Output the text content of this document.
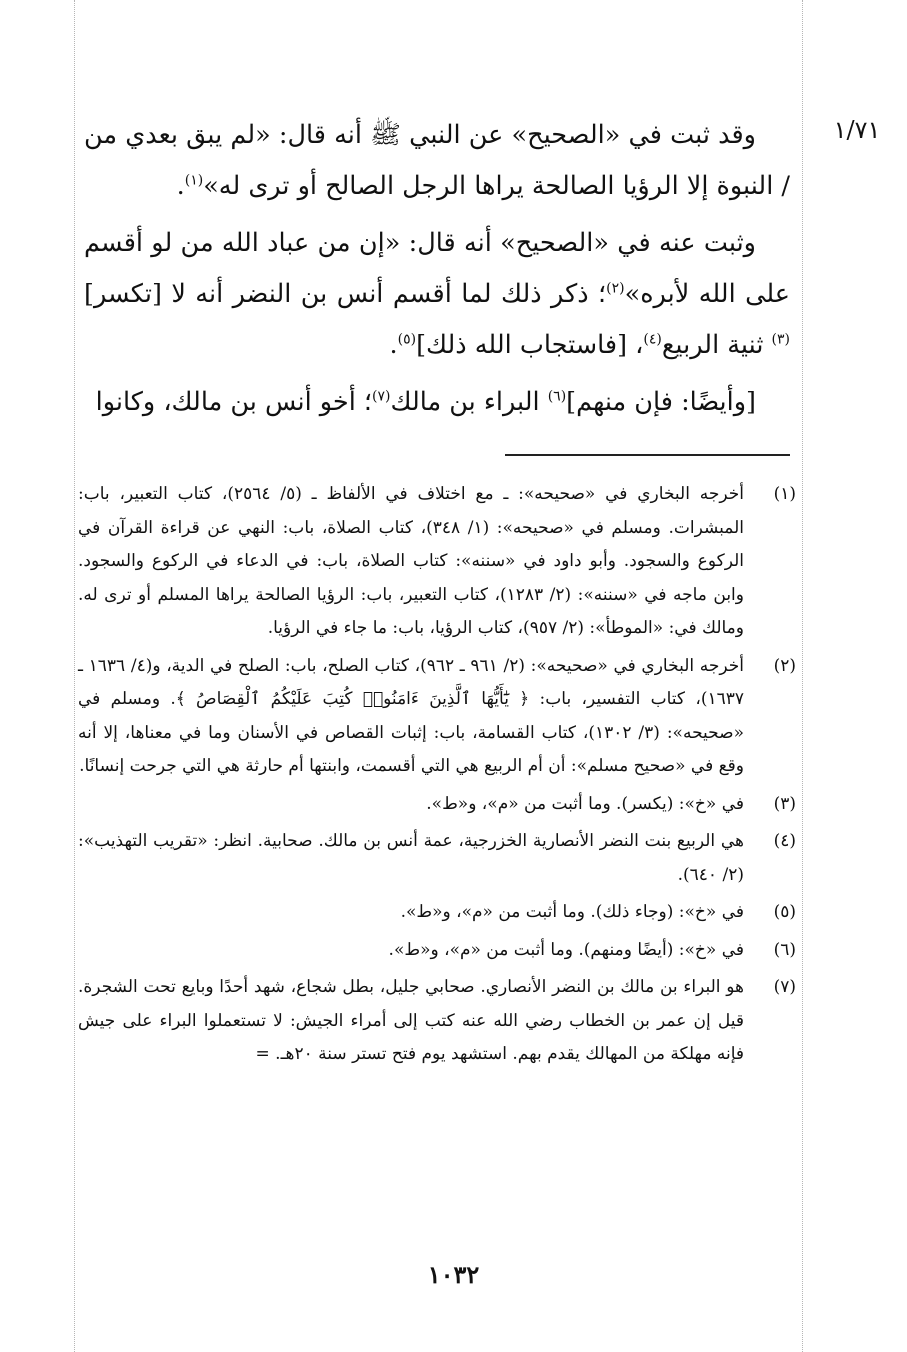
١/٧١

وقد ثبت في «الصحيح» عن النبي ﷺ أنه قال: «لم يبق بعدي من / النبوة إلا الرؤيا الصالحة يراها الرجل الصالح أو ترى له»$^{(١)}$.

وثبت عنه في «الصحيح» أنه قال: «إن من عباد الله من لو أقسم على الله لأبره»$^{(٢)}$؛ ذكر ذلك لما أقسم أنس بن النضر أنه لا [تكسر]$^{(٣)}$ ثنية الربيع$^{(٤)}$، [فاستجاب الله ذلك]$^{(٥)}$.

[وأيضًا: فإن منهم]$^{(٦)}$ البراء بن مالك$^{(٧)}$؛ أخو أنس بن مالك، وكانوا

(١)
أخرجه البخاري في «صحيحه»: ـ مع اختلاف في الألفاظ ـ (٥/ ٢٥٦٤)، كتاب التعبير، باب: المبشرات. ومسلم في «صحيحه»: (١/ ٣٤٨)، كتاب الصلاة، باب: النهي عن قراءة القرآن في الركوع والسجود. وأبو داود في «سننه»: كتاب الصلاة، باب: في الدعاء في الركوع والسجود. وابن ماجه في «سننه»: (٢/ ١٢٨٣)، كتاب التعبير، باب: الرؤيا الصالحة يراها المسلم أو ترى له. ومالك في: «الموطأ»: (٢/ ٩٥٧)، كتاب الرؤيا، باب: ما جاء في الرؤيا.
(٢)
أخرجه البخاري في «صحيحه»: (٢/ ٩٦١ ـ ٩٦٢)، كتاب الصلح، باب: الصلح في الدية، و(٤/ ١٦٣٦ ـ ١٦٣٧)، كتاب التفسير، باب: ﴿ يَٰٓأَيُّهَا ٱلَّذِينَ ءَامَنُوا۟ كُتِبَ عَلَيْكُمُ ٱلْقِصَاصُ ﴾. ومسلم في «صحيحه»: (٣/ ١٣٠٢)، كتاب القسامة، باب: إثبات القصاص في الأسنان وما في معناها، إلا أنه وقع في «صحيح مسلم»: أن أم الربيع هي التي أقسمت، وابنتها أم حارثة هي التي جرحت إنسانًا.
(٣)
في «خ»: (يكسر). وما أثبت من «م»، و«ط».
(٤)
هي الربيع بنت النضر الأنصارية الخزرجية، عمة أنس بن مالك. صحابية. انظر: «تقريب التهذيب»: (٢/ ٦٤٠).
(٥)
في «خ»: (وجاء ذلك). وما أثبت من «م»، و«ط».
(٦)
في «خ»: (أيضًا ومنهم). وما أثبت من «م»، و«ط».
(٧)
هو البراء بن مالك بن النضر الأنصاري. صحابي جليل، بطل شجاع، شهد أحدًا وبايع تحت الشجرة. قيل إن عمر بن الخطاب رضي الله عنه كتب إلى أمراء الجيش: لا تستعملوا البراء على جيش فإنه مهلكة من المهالك يقدم بهم. استشهد يوم فتح تستر سنة ٢٠هـ. =
١٠٣٢
